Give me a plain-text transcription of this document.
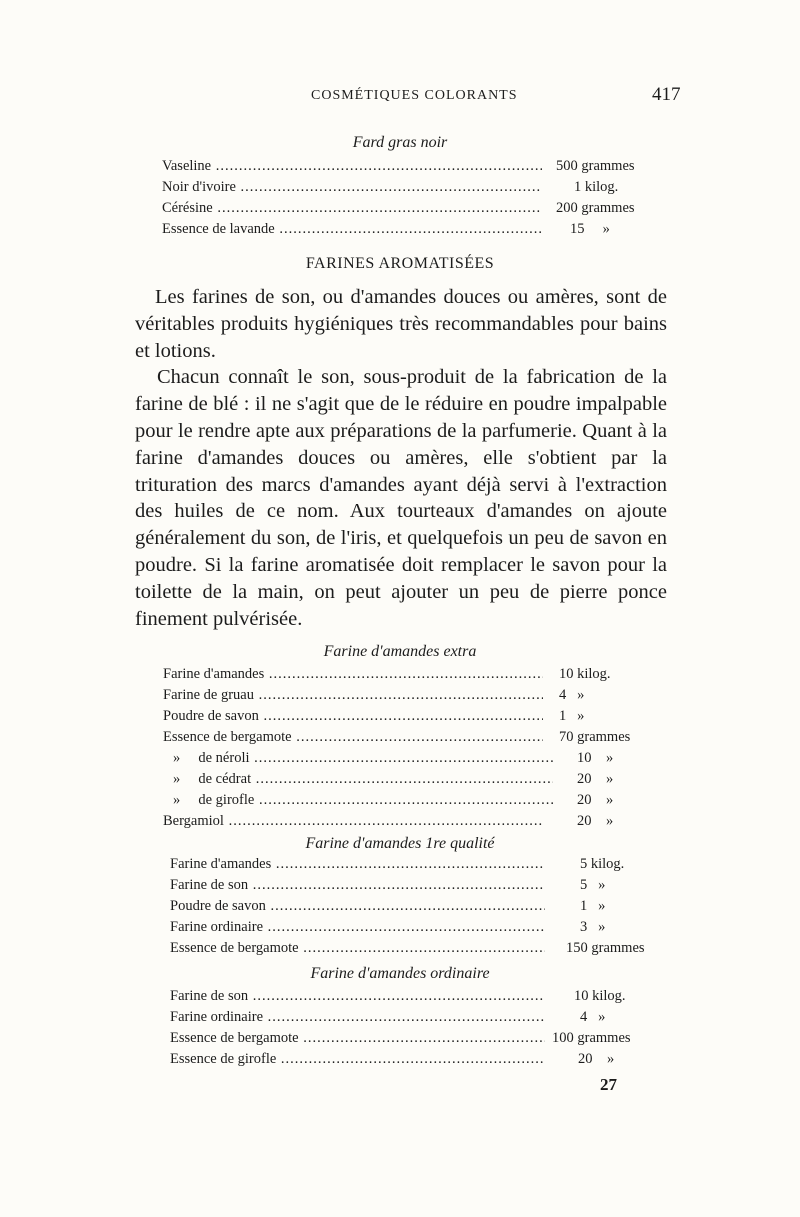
COSMÉTIQUES COLORANTS	417
Fard gras noir
Vaseline .....	500 grammes
Noir d'ivoire .....	1 kilog.
Cérésine .....	200 grammes
Essence de lavande .....	15     »
FARINES AROMATISÉES

Les farines de son, ou d'amandes douces ou amères, sont de véritables produits hygiéniques très recommandables pour bains et lotions.

Chacun connaît le son, sous-produit de la fabrication de la farine de blé : il ne s'agit que de le réduire en poudre impalpable pour le rendre apte aux préparations de la parfumerie. Quant à la farine d'amandes douces ou amères, elle s'obtient par la trituration des marcs d'amandes ayant déjà servi à l'extraction des huiles de ce nom. Aux tourteaux d'amandes on ajoute généralement du son, de l'iris, et quelquefois un peu de savon en poudre. Si la farine aromatisée doit remplacer le savon pour la toilette de la main, on peut ajouter un peu de pierre ponce finement pulvérisée.

Farine d'amandes extra
Farine d'amandes .....	10 kilog.
Farine de gruau .....	4   »
Poudre de savon .....	1   »
Essence de bergamote .....	70 grammes
»     de néroli .....	10    »
»     de cédrat .....	20    »
»     de girofle .....	20    »
Bergamiol .....	20    »
Farine d'amandes 1re qualité
Farine d'amandes .....	5 kilog.
Farine de son .....	5   »
Poudre de savon .....	1   »
Farine ordinaire .....	3   »
Essence de bergamote .....	150 grammes
Farine d'amandes ordinaire
Farine de son .....	10 kilog.
Farine ordinaire .....	4   »
Essence de bergamote .....	100 grammes
Essence de girofle .....	20    »
27
